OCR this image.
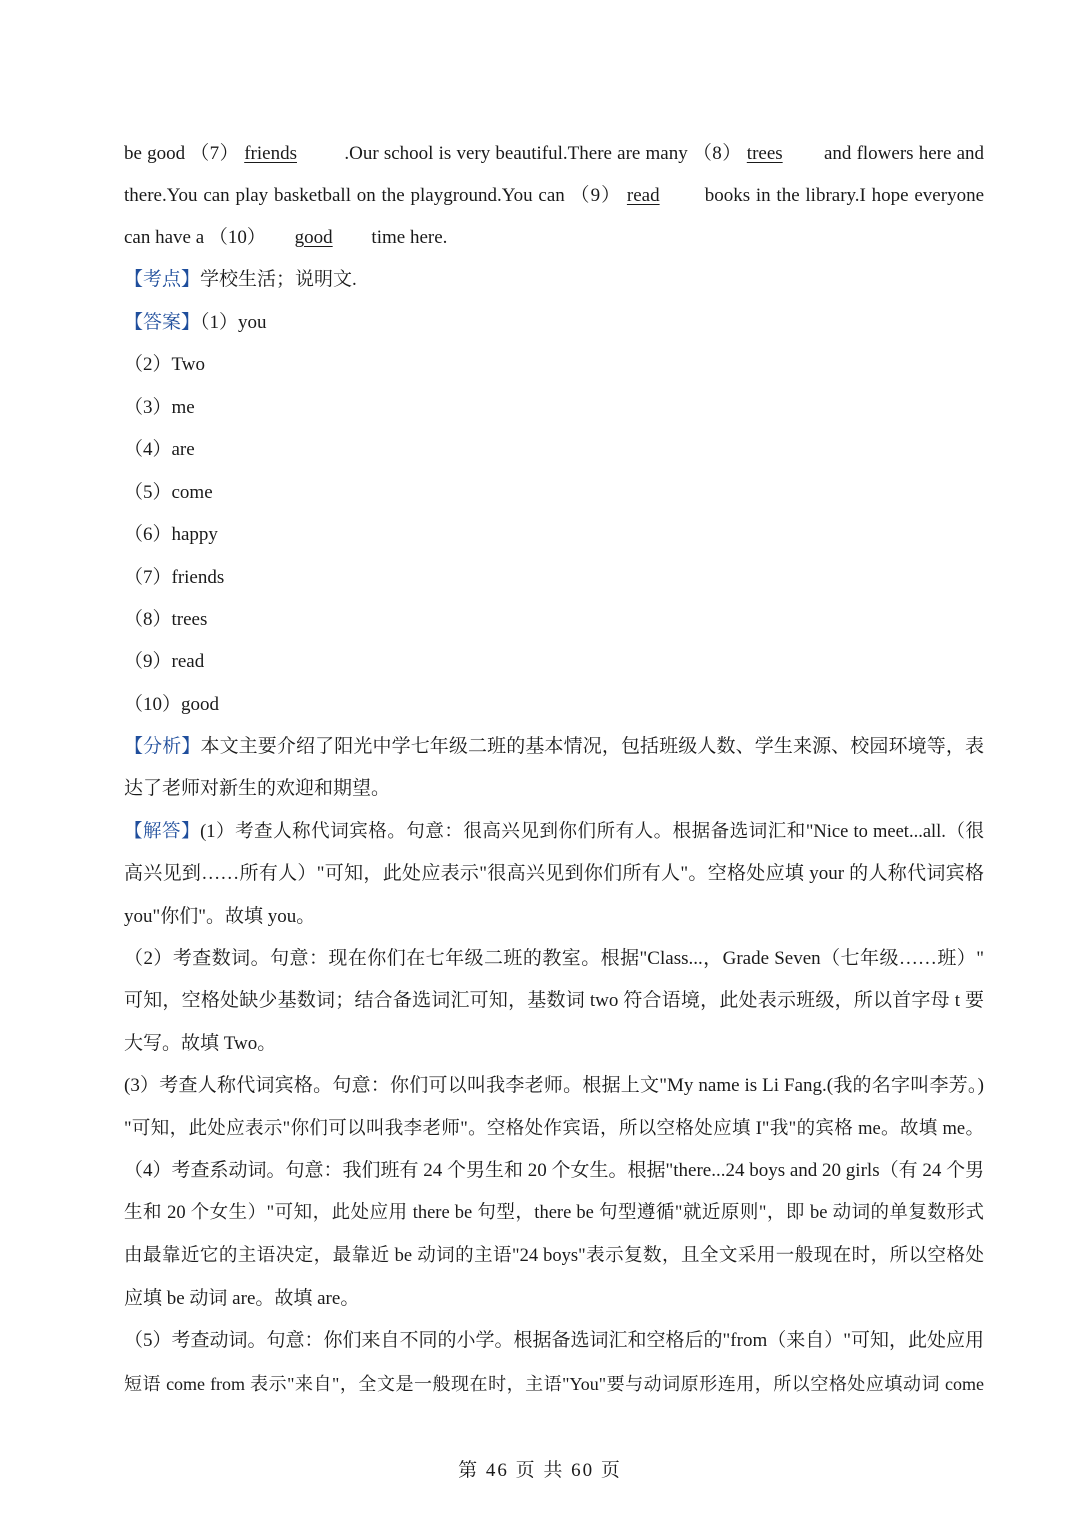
be good （7） friends .Our school is very beautiful.There are many （8） trees and flowers here and
there.You can play basketball on the playground.You can （9） read books in the library.I hope everyone
can have a （10） good time here.
【考点】学校生活；说明文.
【答案】（1）you
（2）Two
（3）me
（4）are
（5）come
（6）happy
（7）friends
（8）trees
（9）read
（10）good
【分析】本文主要介绍了阳光中学七年级二班的基本情况，包括班级人数、学生来源、校园环境等，表
达了老师对新生的欢迎和期望。
【解答】(1）考查人称代词宾格。句意：很高兴见到你们所有人。根据备选词汇和"Nice to meet...all.（很
高兴见到……所有人）"可知，此处应表示"很高兴见到你们所有人"。空格处应填 your 的人称代词宾格
you"你们"。故填 you。
（2）考查数词。句意：现在你们在七年级二班的教室。根据"Class...，Grade Seven（七年级……班）"
可知，空格处缺少基数词；结合备选词汇可知，基数词 two 符合语境，此处表示班级，所以首字母 t 要
大写。故填 Two。
(3）考查人称代词宾格。句意：你们可以叫我李老师。根据上文"My name is Li Fang.(我的名字叫李芳。)
"可知，此处应表示"你们可以叫我李老师"。空格处作宾语，所以空格处应填 I"我"的宾格 me。故填 me。
（4）考查系动词。句意：我们班有 24 个男生和 20 个女生。根据"there...24 boys and 20 girls（有 24 个男
生和 20 个女生）"可知，此处应用 there be 句型，there be 句型遵循"就近原则"，即 be 动词的单复数形式
由最靠近它的主语决定，最靠近 be 动词的主语"24 boys"表示复数，且全文采用一般现在时，所以空格处
应填 be 动词 are。故填 are。
（5）考查动词。句意：你们来自不同的小学。根据备选词汇和空格后的"from（来自）"可知，此处应用
短语 come from 表示"来自"，全文是一般现在时，主语"You"要与动词原形连用，所以空格处应填动词 come
第 46 页 共 60 页
